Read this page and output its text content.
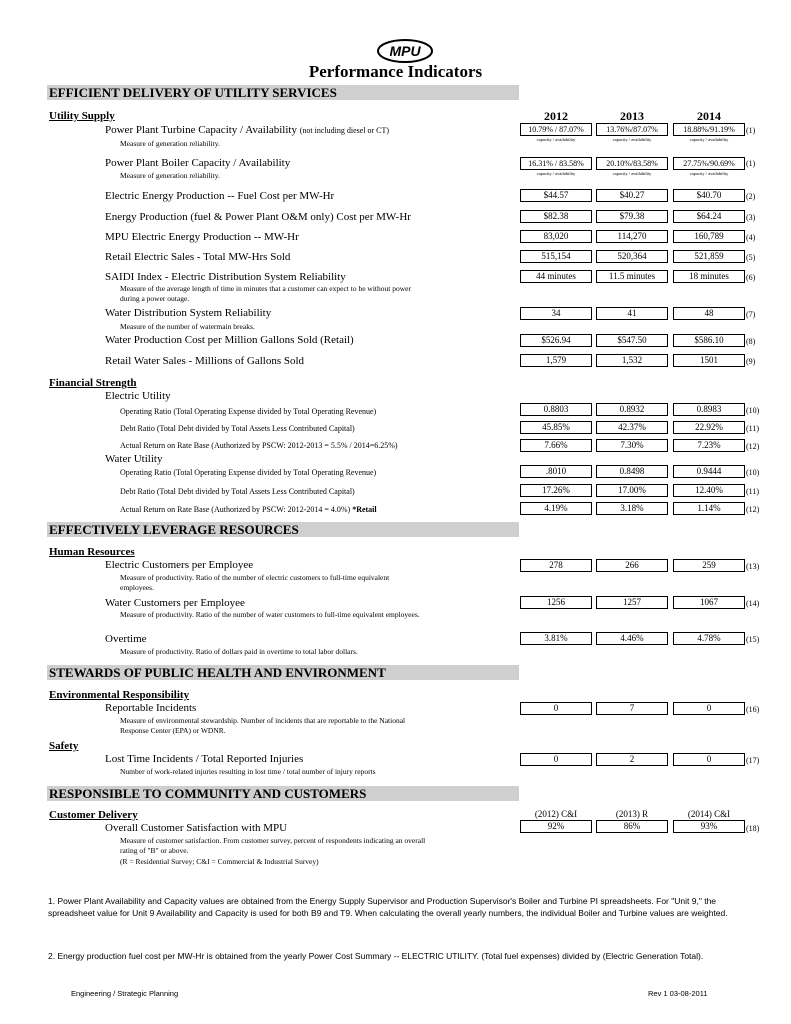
MPU
Performance Indicators
EFFICIENT DELIVERY OF UTILITY SERVICES
Utility Supply	2012	2013	2014
Power Plant Turbine Capacity / Availability (not including diesel or CT)
Measure of generation reliability.
10.79% / 87.07%	13.76%/87.07%	18.88%/91.19%
capacity / availability	capacity / availability	capacity / availability
(1)
Power Plant Boiler Capacity / Availability
Measure of generation reliability.
16.31% / 83.58%	20.10%/83.58%	27.75%/90.69%
capacity / availability	capacity / availability	capacity / availability
(1)
Electric Energy Production -- Fuel Cost per MW-Hr	$44.57	$40.27	$40.70	(2)
Energy Production (fuel & Power Plant O&M only) Cost per MW-Hr	$82.38	$79.38	$64.24	(3)
MPU Electric Energy Production -- MW-Hr	83,020	114,270	160,789	(4)
Retail Electric Sales - Total MW-Hrs Sold	515,154	520,364	521,859	(5)
SAIDI Index - Electric Distribution System Reliability
Measure of the average length of time in minutes that a customer can expect to be without power during a power outage.
44 minutes	11.5 minutes	18 minutes	(6)
Water Distribution System Reliability
Measure of the number of watermain breaks.
34	41	48	(7)
Water Production Cost per Million Gallons Sold (Retail)	$526.94	$547.50	$586.10	(8)
Retail Water Sales - Millions of Gallons Sold	1,579	1,532	1501	(9)
Financial Strength
Electric Utility
Operating Ratio (Total Operating Expense divided by Total Operating Revenue)	0.8803	0.8932	0.8983	(10)
Debt Ratio (Total Debt divided by Total Assets Less Contributed Capital)	45.85%	42.37%	22.92%	(11)
Actual Return on Rate Base (Authorized by PSCW: 2012-2013 = 5.5% / 2014=6.25%)	7.66%	7.30%	7.23%	(12)
Water Utility
Operating Ratio (Total Operating Expense divided by Total Operating Revenue)	.8010	0.8498	0.9444	(10)
Debt Ratio (Total Debt divided by Total Assets Less Contributed Capital)	17.26%	17.00%	12.40%	(11)
Actual Return on Rate Base (Authorized by PSCW: 2012-2014 = 4.0%) *Retail	4.19%	3.18%	1.14%	(12)
EFFECTIVELY LEVERAGE RESOURCES
Human Resources
Electric Customers per Employee
Measure of productivity. Ratio of the number of electric customers to full-time equivalent employees.
278	266	259	(13)
Water Customers per Employee
Measure of productivity. Ratio of the number of water customers to full-time equivalent employees.
1256	1257	1067	(14)
Overtime
Measure of productivity. Ratio of dollars paid in overtime to total labor dollars.
3.81%	4.46%	4.78%	(15)
STEWARDS OF PUBLIC HEALTH AND ENVIRONMENT
Environmental Responsibility
Reportable Incidents
Measure of environmental stewardship. Number of incidents that are reportable to the National Response Center (EPA) or WDNR.
0	7	0	(16)
Safety
Lost Time Incidents / Total Reported Injuries
Number of work-related injuries resulting in lost time / total number of injury reports
0	2	0	(17)
RESPONSIBLE TO COMMUNITY AND CUSTOMERS
Customer Delivery	(2012) C&I	(2013) R	(2014) C&I
Overall Customer Satisfaction with MPU
Measure of customer satisfaction. From customer survey, percent of respondents indicating an overall rating of "B" or above.
(R = Residential Survey; C&I = Commercial & Industrial Survey)
92%	86%	93%	(18)
1. Power Plant Availability and Capacity values are obtained from the Energy Supply Supervisor and Production Supervisor's Boiler and Turbine PI spreadsheets. For "Unit 9," the spreadsheet value for Unit 9 Availability and Capacity is used for both B9 and T9. When calculating the overall yearly numbers, the individual Boiler and Turbine values are weighted.
2. Energy production fuel cost per MW-Hr is obtained from the yearly Power Cost Summary -- ELECTRIC UTILITY. (Total fuel expenses) divided by (Electric Generation Total).
Engineering / Strategic Planning	Rev 1 03-08-2011
